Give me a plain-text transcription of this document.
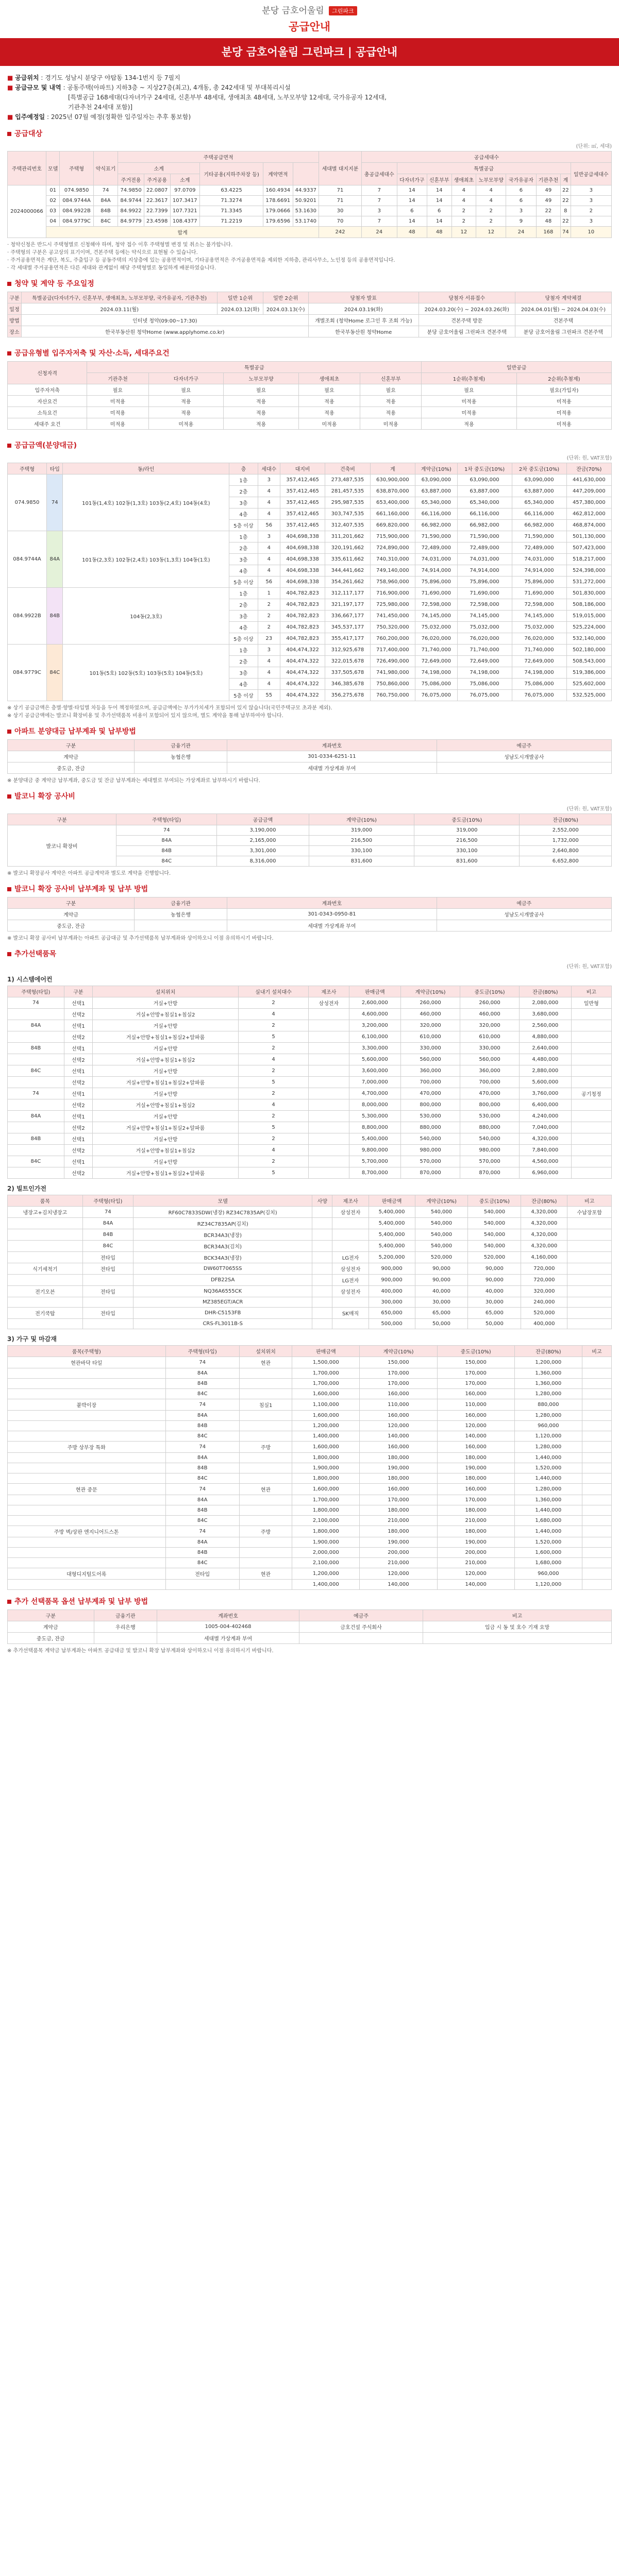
분당 금호어울림 그린파크
공급안내
분당 금호어울림 그린파크 | 공급안내
■ 공급위치 : 경기도 성남시 분당구 야탑동 134-1번지 등 7필지
■ 공급규모 및 내역 : 공동주택(아파트) 지하3층 ~ 지상27층(최고), 4개동, 총 242세대 및 부대복리시설
[특별공급 168세대(다자녀가구 24세대, 신혼부부 48세대, 생애최초 48세대, 노부모부양 12세대, 국가유공자 12세대,
기관추천 24세대 포함)]
■ 입주예정일 : 2025년 07월 예정(정확한 입주일자는 추후 통보함)
공급대상
(단위: ㎡, 세대)
주택관리번호	모델	주택형	약식표기	주택공급면적						세대별 대지지분	공급세대수								
				소계			기타공용(지하주차장 등)	계약면적			총공급세대수	특별공급							일반공급세대수
				주거전용	주거공용	소계						다자녀가구	신혼부부	생애최초	노부모부양	국가유공자	기관추천	계	
2024000066	01	074.9850	74	74.9850	22.0807	97.0709	63.4225	160.4934	44.9337	71	7	14	14	4	4	6	49	22	3
	02	084.9744A	84A	84.9744	22.3617	107.3417	71.3274	178.6691	50.9201	71	7	14	14	4	4	6	49	22	3
	03	084.9922B	84B	84.9922	22.7399	107.7321	71.3345	179.0666	53.1630	30	3	6	6	2	2	3	22	8	2
	04	084.9779C	84C	84.9779	23.4598	108.4377	71.2219	179.6596	53.1740	70	7	14	14	2	2	9	48	22	3
	합계									242	24	48	48	12	12	24	168	74	10

· 청약신청은 반드시 주택형별로 신청해야 하며, 청약 접수 이후 주택형별 변경 및 취소는 불가합니다.

· 주택형의 구분은 공고상의 표기이며, 견본주택 등에는 약식으로 표현될 수 있습니다.

· 주거공용면적은 계단, 복도, 주출입구 등 공동주택의 지상층에 있는 공용면적이며, 기타공용면적은 주거공용면적을 제외한 지하층, 관리사무소, 노인정 등의 공용면적입니다.

· 각 세대별 주거공용면적은 다른 세대와 관계없이 해당 주택형별로 동일하게 배분하였습니다.

청약 및 계약 등 주요일정
구분	특별공급(다자녀가구, 신혼부부, 생애최초, 노부모부양, 국가유공자, 기관추천)	일반 1순위	일반 2순위	당첨자 발표	당첨자 서류접수	당첨자 계약체결
일정	2024.03.11(월)	2024.03.12(화)	2024.03.13(수)	2024.03.19(화)	2024.03.20(수) ~ 2024.03.26(화)	2024.04.01(월) ~ 2024.04.03(수)
방법	인터넷 청약(09:00~17:30)			개별조회 (청약Home 로그인 후 조회 가능)	견본주택 방문	견본주택
장소	한국부동산원 청약Home (www.applyhome.co.kr)			한국부동산원 청약Home	분당 금호어울림 그린파크 견본주택	분당 금호어울림 그린파크 견본주택
공급유형별 입주자저축 및 자산·소득, 세대주요건
신청자격	특별공급					일반공급	
	기관추천	다자녀가구	노부모부양	생애최초	신혼부부	1순위(추첨제)	2순위(추첨제)
입주자저축	필요	필요	필요	필요	필요	필요	필요(가입자)
자산요건	미적용	적용	적용	적용	적용	미적용	미적용
소득요건	미적용	적용	적용	적용	적용	미적용	미적용
세대주 요건	미적용	미적용	적용	미적용	미적용	적용	미적용
공급금액(분양대금)
(단위: 원, VAT포함)
주택형	타입	동/라인	층	세대수	대지비	건축비	계	계약금(10%)	1차 중도금(10%)	2차 중도금(10%)	잔금(70%)
074.9850	74	101동(1,4호) 102동(1,3호) 103동(2,4호) 104동(4호)	1층	3	357,412,465	273,487,535	630,900,000	63,090,000	63,090,000	63,090,000	441,630,000
			2층	4	357,412,465	281,457,535	638,870,000	63,887,000	63,887,000	63,887,000	447,209,000
			3층	4	357,412,465	295,987,535	653,400,000	65,340,000	65,340,000	65,340,000	457,380,000
			4층	4	357,412,465	303,747,535	661,160,000	66,116,000	66,116,000	66,116,000	462,812,000
			5층 이상	56	357,412,465	312,407,535	669,820,000	66,982,000	66,982,000	66,982,000	468,874,000
084.9744A	84A	101동(2,3호) 102동(2,4호) 103동(1,3호) 104동(1호)	1층	3	404,698,338	311,201,662	715,900,000	71,590,000	71,590,000	71,590,000	501,130,000
			2층	4	404,698,338	320,191,662	724,890,000	72,489,000	72,489,000	72,489,000	507,423,000
			3층	4	404,698,338	335,611,662	740,310,000	74,031,000	74,031,000	74,031,000	518,217,000
			4층	4	404,698,338	344,441,662	749,140,000	74,914,000	74,914,000	74,914,000	524,398,000
			5층 이상	56	404,698,338	354,261,662	758,960,000	75,896,000	75,896,000	75,896,000	531,272,000
084.9922B	84B	104동(2,3호)	1층	1	404,782,823	312,117,177	716,900,000	71,690,000	71,690,000	71,690,000	501,830,000
			2층	2	404,782,823	321,197,177	725,980,000	72,598,000	72,598,000	72,598,000	508,186,000
			3층	2	404,782,823	336,667,177	741,450,000	74,145,000	74,145,000	74,145,000	519,015,000
			4층	2	404,782,823	345,537,177	750,320,000	75,032,000	75,032,000	75,032,000	525,224,000
			5층 이상	23	404,782,823	355,417,177	760,200,000	76,020,000	76,020,000	76,020,000	532,140,000
084.9779C	84C	101동(5호) 102동(5호) 103동(5호) 104동(5호)	1층	3	404,474,322	312,925,678	717,400,000	71,740,000	71,740,000	71,740,000	502,180,000
			2층	4	404,474,322	322,015,678	726,490,000	72,649,000	72,649,000	72,649,000	508,543,000
			3층	4	404,474,322	337,505,678	741,980,000	74,198,000	74,198,000	74,198,000	519,386,000
			4층	4	404,474,322	346,385,678	750,860,000	75,086,000	75,086,000	75,086,000	525,602,000
			5층 이상	55	404,474,322	356,275,678	760,750,000	76,075,000	76,075,000	76,075,000	532,525,000

※ 상기 공급금액은 층별·향별·타입별 차등을 두어 책정하였으며, 공급금액에는 부가가치세가 포함되어 있지 않습니다(국민주택규모 초과분 제외).

※ 상기 공급금액에는 발코니 확장비용 및 추가선택품목 비용이 포함되어 있지 않으며, 별도 계약을 통해 납부하여야 합니다.

아파트 분양대금 납부계좌 및 납부방법
구분	금융기관	계좌번호	예금주
계약금	농협은행	301-0334-6251-11	성남도시개발공사
중도금, 잔금		세대별 가상계좌 부여	
※ 분양대금 중 계약금 납부계좌, 중도금 및 잔금 납부계좌는 세대별로 부여되는 가상계좌로 납부하시기 바랍니다.
발코니 확장 공사비
(단위: 원, VAT포함)
구분	주택형(타입)	공급금액	계약금(10%)	중도금(10%)	잔금(80%)
발코니 확장비	74	3,190,000	319,000	319,000	2,552,000
	84A	2,165,000	216,500	216,500	1,732,000
	84B	3,301,000	330,100	330,100	2,640,800
	84C	8,316,000	831,600	831,600	6,652,800
※ 발코니 확장공사 계약은 아파트 공급계약과 별도로 계약을 진행합니다.
발코니 확장 공사비 납부계좌 및 납부 방법
구분	금융기관	계좌번호	예금주
계약금	농협은행	301-0343-0950-81	성남도시개발공사
중도금, 잔금		세대별 가상계좌 부여	
※ 발코니 확장 공사비 납부계좌는 아파트 공급대금 및 추가선택품목 납부계좌와 상이하오니 이점 유의하시기 바랍니다.
추가선택품목
(단위: 원, VAT포함)
1) 시스템에어컨
주택형(타입)	구분	설치위치	실내기 설치대수	제조사	판매금액	계약금(10%)	중도금(10%)	잔금(80%)	비고
74	선택1	거실+안방	2	삼성전자	2,600,000	260,000	260,000	2,080,000	일반형
	선택2	거실+안방+침실1+침실2	4		4,600,000	460,000	460,000	3,680,000	
84A	선택1	거실+안방	2		3,200,000	320,000	320,000	2,560,000	
	선택2	거실+안방+침실1+침실2+알파룸	5		6,100,000	610,000	610,000	4,880,000	
84B	선택1	거실+안방	2		3,300,000	330,000	330,000	2,640,000	
	선택2	거실+안방+침실1+침실2	4		5,600,000	560,000	560,000	4,480,000	
84C	선택1	거실+안방	2		3,600,000	360,000	360,000	2,880,000	
	선택2	거실+안방+침실1+침실2+알파룸	5		7,000,000	700,000	700,000	5,600,000	
74	선택1	거실+안방	2		4,700,000	470,000	470,000	3,760,000	공기청정
	선택2	거실+안방+침실1+침실2	4		8,000,000	800,000	800,000	6,400,000	
84A	선택1	거실+안방	2		5,300,000	530,000	530,000	4,240,000	
	선택2	거실+안방+침실1+침실2+알파룸	5		8,800,000	880,000	880,000	7,040,000	
84B	선택1	거실+안방	2		5,400,000	540,000	540,000	4,320,000	
	선택2	거실+안방+침실1+침실2	4		9,800,000	980,000	980,000	7,840,000	
84C	선택1	거실+안방	2		5,700,000	570,000	570,000	4,560,000	
	선택2	거실+안방+침실1+침실2+알파룸	5		8,700,000	870,000	870,000	6,960,000	
2) 빌트인가전
품목	주택형(타입)	모델	사양	제조사	판매금액	계약금(10%)	중도금(10%)	잔금(80%)	비고
냉장고+김치냉장고	74	RF60C7833SDW(냉장) RZ34C7835AP(김치)		삼성전자	5,400,000	540,000	540,000	4,320,000	수납장포함
	84A	RZ34C7835AP(김치)			5,400,000	540,000	540,000	4,320,000	
	84B	BCR34A3(냉장)			5,400,000	540,000	540,000	4,320,000	
	84C	BCR34A3(김치)			5,400,000	540,000	540,000	4,320,000	
	전타입	BCK34A3(냉장)		LG전자	5,200,000	520,000	520,000	4,160,000	
식기세척기	전타입	DW60T7065SS		삼성전자	900,000	90,000	90,000	720,000	
		DFB22SA		LG전자	900,000	90,000	90,000	720,000	
전기오븐	전타입	NQ36A6555CK		삼성전자	400,000	40,000	40,000	320,000	
		MZ385EGT/ACR			300,000	30,000	30,000	240,000	
전기쿡탑	전타입	DHR-C5153FB		SK매직	650,000	65,000	65,000	520,000	
		CRS-FL3011B-S			500,000	50,000	50,000	400,000	
3) 가구 및 마감재
품목(주택형)	주택형(타입)	설치위치	판매금액	계약금(10%)	중도금(10%)	잔금(80%)	비고
현관바닥 타일	74	현관	1,500,000	150,000	150,000	1,200,000	
	84A		1,700,000	170,000	170,000	1,360,000	
	84B		1,700,000	170,000	170,000	1,360,000	
	84C		1,600,000	160,000	160,000	1,280,000	
붙박이장	74	침실1	1,100,000	110,000	110,000	880,000	
	84A		1,600,000	160,000	160,000	1,280,000	
	84B		1,200,000	120,000	120,000	960,000	
	84C		1,400,000	140,000	140,000	1,120,000	
주방 상부장 특화	74	주방	1,600,000	160,000	160,000	1,280,000	
	84A		1,800,000	180,000	180,000	1,440,000	
	84B		1,900,000	190,000	190,000	1,520,000	
	84C		1,800,000	180,000	180,000	1,440,000	
현관 중문	74	현관	1,600,000	160,000	160,000	1,280,000	
	84A		1,700,000	170,000	170,000	1,360,000	
	84B		1,800,000	180,000	180,000	1,440,000	
	84C		2,100,000	210,000	210,000	1,680,000	
주방 벽/상판 엔지니어드스톤	74	주방	1,800,000	180,000	180,000	1,440,000	
	84A		1,900,000	190,000	190,000	1,520,000	
	84B		2,000,000	200,000	200,000	1,600,000	
	84C		2,100,000	210,000	210,000	1,680,000	
대형디지털도어록	전타입	현관	1,200,000	120,000	120,000	960,000	
			1,400,000	140,000	140,000	1,120,000	
추가 선택품목 옵션 납부계좌 및 납부 방법
구분	금융기관	계좌번호	예금주	비고
계약금	우리은행	1005-004-402468	금호건설 주식회사	입금 시 동 및 호수 기재 요망
중도금, 잔금		세대별 가상계좌 부여		
※ 추가선택품목 계약금 납부계좌는 아파트 공급대금 및 발코니 확장 납부계좌와 상이하오니 이점 유의하시기 바랍니다.
